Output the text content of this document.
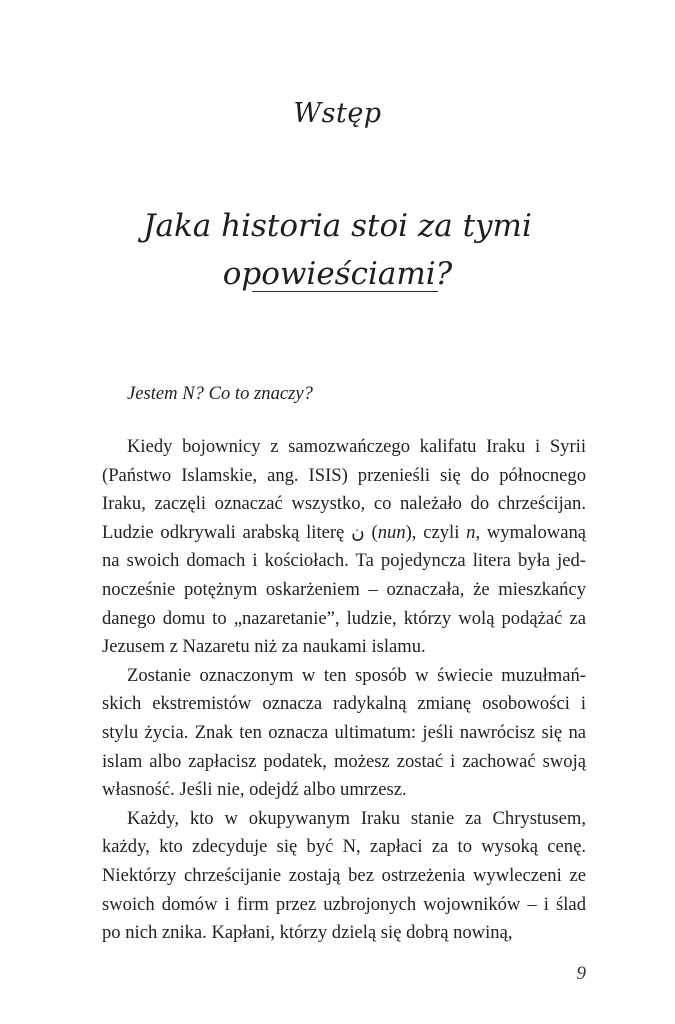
Wstęp
Jaka historia stoi za tymi opowieściami?
Jestem N? Co to znaczy?

Kiedy bojownicy z samozwańczego kalifatu Iraku i Syrii (Państwo Islamskie, ang. ISIS) przenieśli się do północnego Iraku, zaczęli oznaczać wszystko, co należało do chrześcijan. Ludzie odkrywali arabską literę ن (nun), czyli n, wymalowaną na swoich domach i kościołach. Ta pojedyncza litera była jednocześnie potężnym oskarżeniem – oznaczała, że mieszkańcy danego domu to „nazaretanie”, ludzie, którzy wolą podążać za Jezusem z Nazaretu niż za naukami islamu.

Zostanie oznaczonym w ten sposób w świecie muzułmańskich ekstremistów oznacza radykalną zmianę osobowości i stylu życia. Znak ten oznacza ultimatum: jeśli nawrócisz się na islam albo zapłacisz podatek, możesz zostać i zachować swoją własność. Jeśli nie, odejdź albo umrzesz.

Każdy, kto w okupywanym Iraku stanie za Chrystusem, każdy, kto zdecyduje się być N, zapłaci za to wysoką cenę. Niektórzy chrześcijanie zostają bez ostrzeżenia wywleczeni ze swoich domów i firm przez uzbrojonych wojowników – i ślad po nich znika. Kapłani, którzy dzielą się dobrą nowiną,

9
